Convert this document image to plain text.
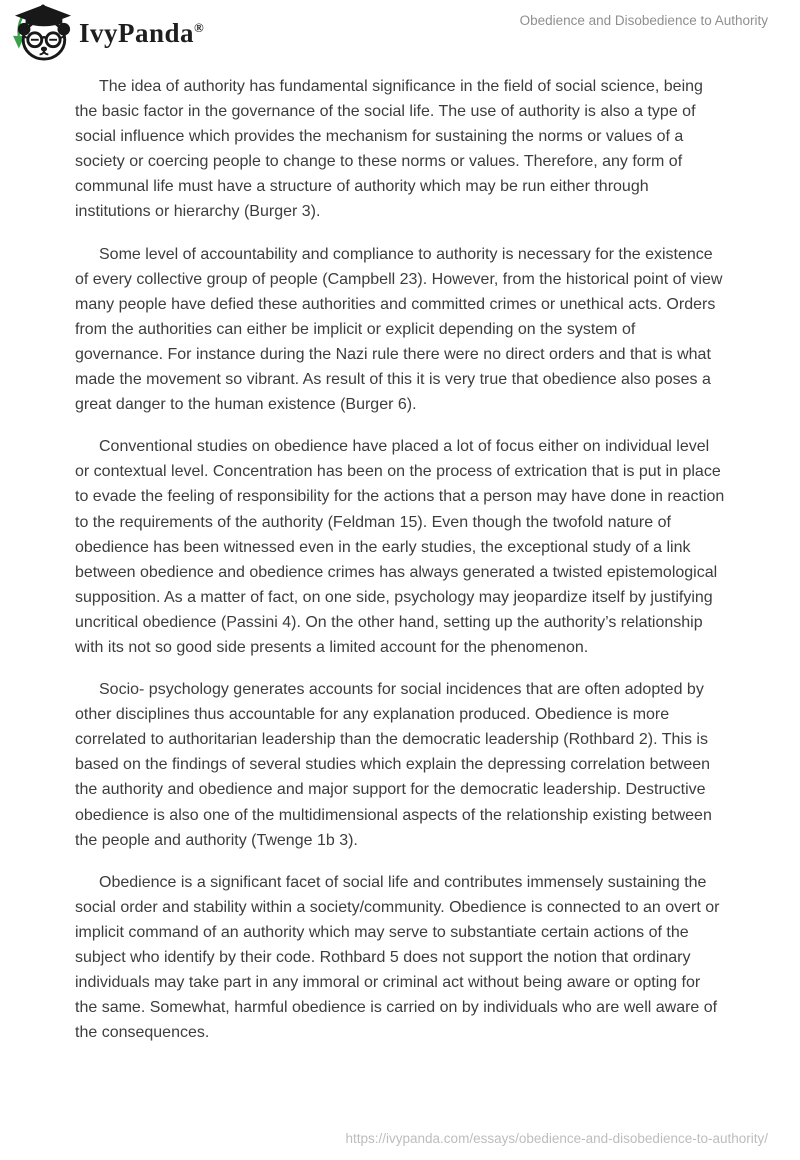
IvyPanda®	Obedience and Disobedience to Authority

The idea of authority has fundamental significance in the field of social science, being the basic factor in the governance of the social life. The use of authority is also a type of social influence which provides the mechanism for sustaining the norms or values of a society or coercing people to change to these norms or values. Therefore, any form of communal life must have a structure of authority which may be run either through institutions or hierarchy (Burger 3).

Some level of accountability and compliance to authority is necessary for the existence of every collective group of people (Campbell 23). However, from the historical point of view many people have defied these authorities and committed crimes or unethical acts. Orders from the authorities can either be implicit or explicit depending on the system of governance. For instance during the Nazi rule there were no direct orders and that is what made the movement so vibrant. As result of this it is very true that obedience also poses a great danger to the human existence (Burger 6).

Conventional studies on obedience have placed a lot of focus either on individual level or contextual level. Concentration has been on the process of extrication that is put in place to evade the feeling of responsibility for the actions that a person may have done in reaction to the requirements of the authority (Feldman 15). Even though the twofold nature of obedience has been witnessed even in the early studies, the exceptional study of a link between obedience and obedience crimes has always generated a twisted epistemological supposition. As a matter of fact, on one side, psychology may jeopardize itself by justifying uncritical obedience (Passini 4). On the other hand, setting up the authority’s relationship with its not so good side presents a limited account for the phenomenon.

Socio- psychology generates accounts for social incidences that are often adopted by other disciplines thus accountable for any explanation produced. Obedience is more correlated to authoritarian leadership than the democratic leadership (Rothbard 2). This is based on the findings of several studies which explain the depressing correlation between the authority and obedience and major support for the democratic leadership. Destructive obedience is also one of the multidimensional aspects of the relationship existing between the people and authority (Twenge 1b 3).

Obedience is a significant facet of social life and contributes immensely sustaining the social order and stability within a society/community. Obedience is connected to an overt or implicit command of an authority which may serve to substantiate certain actions of the subject who identify by their code. Rothbard 5 does not support the notion that ordinary individuals may take part in any immoral or criminal act without being aware or opting for the same. Somewhat, harmful obedience is carried on by individuals who are well aware of the consequences.

https://ivypanda.com/essays/obedience-and-disobedience-to-authority/
